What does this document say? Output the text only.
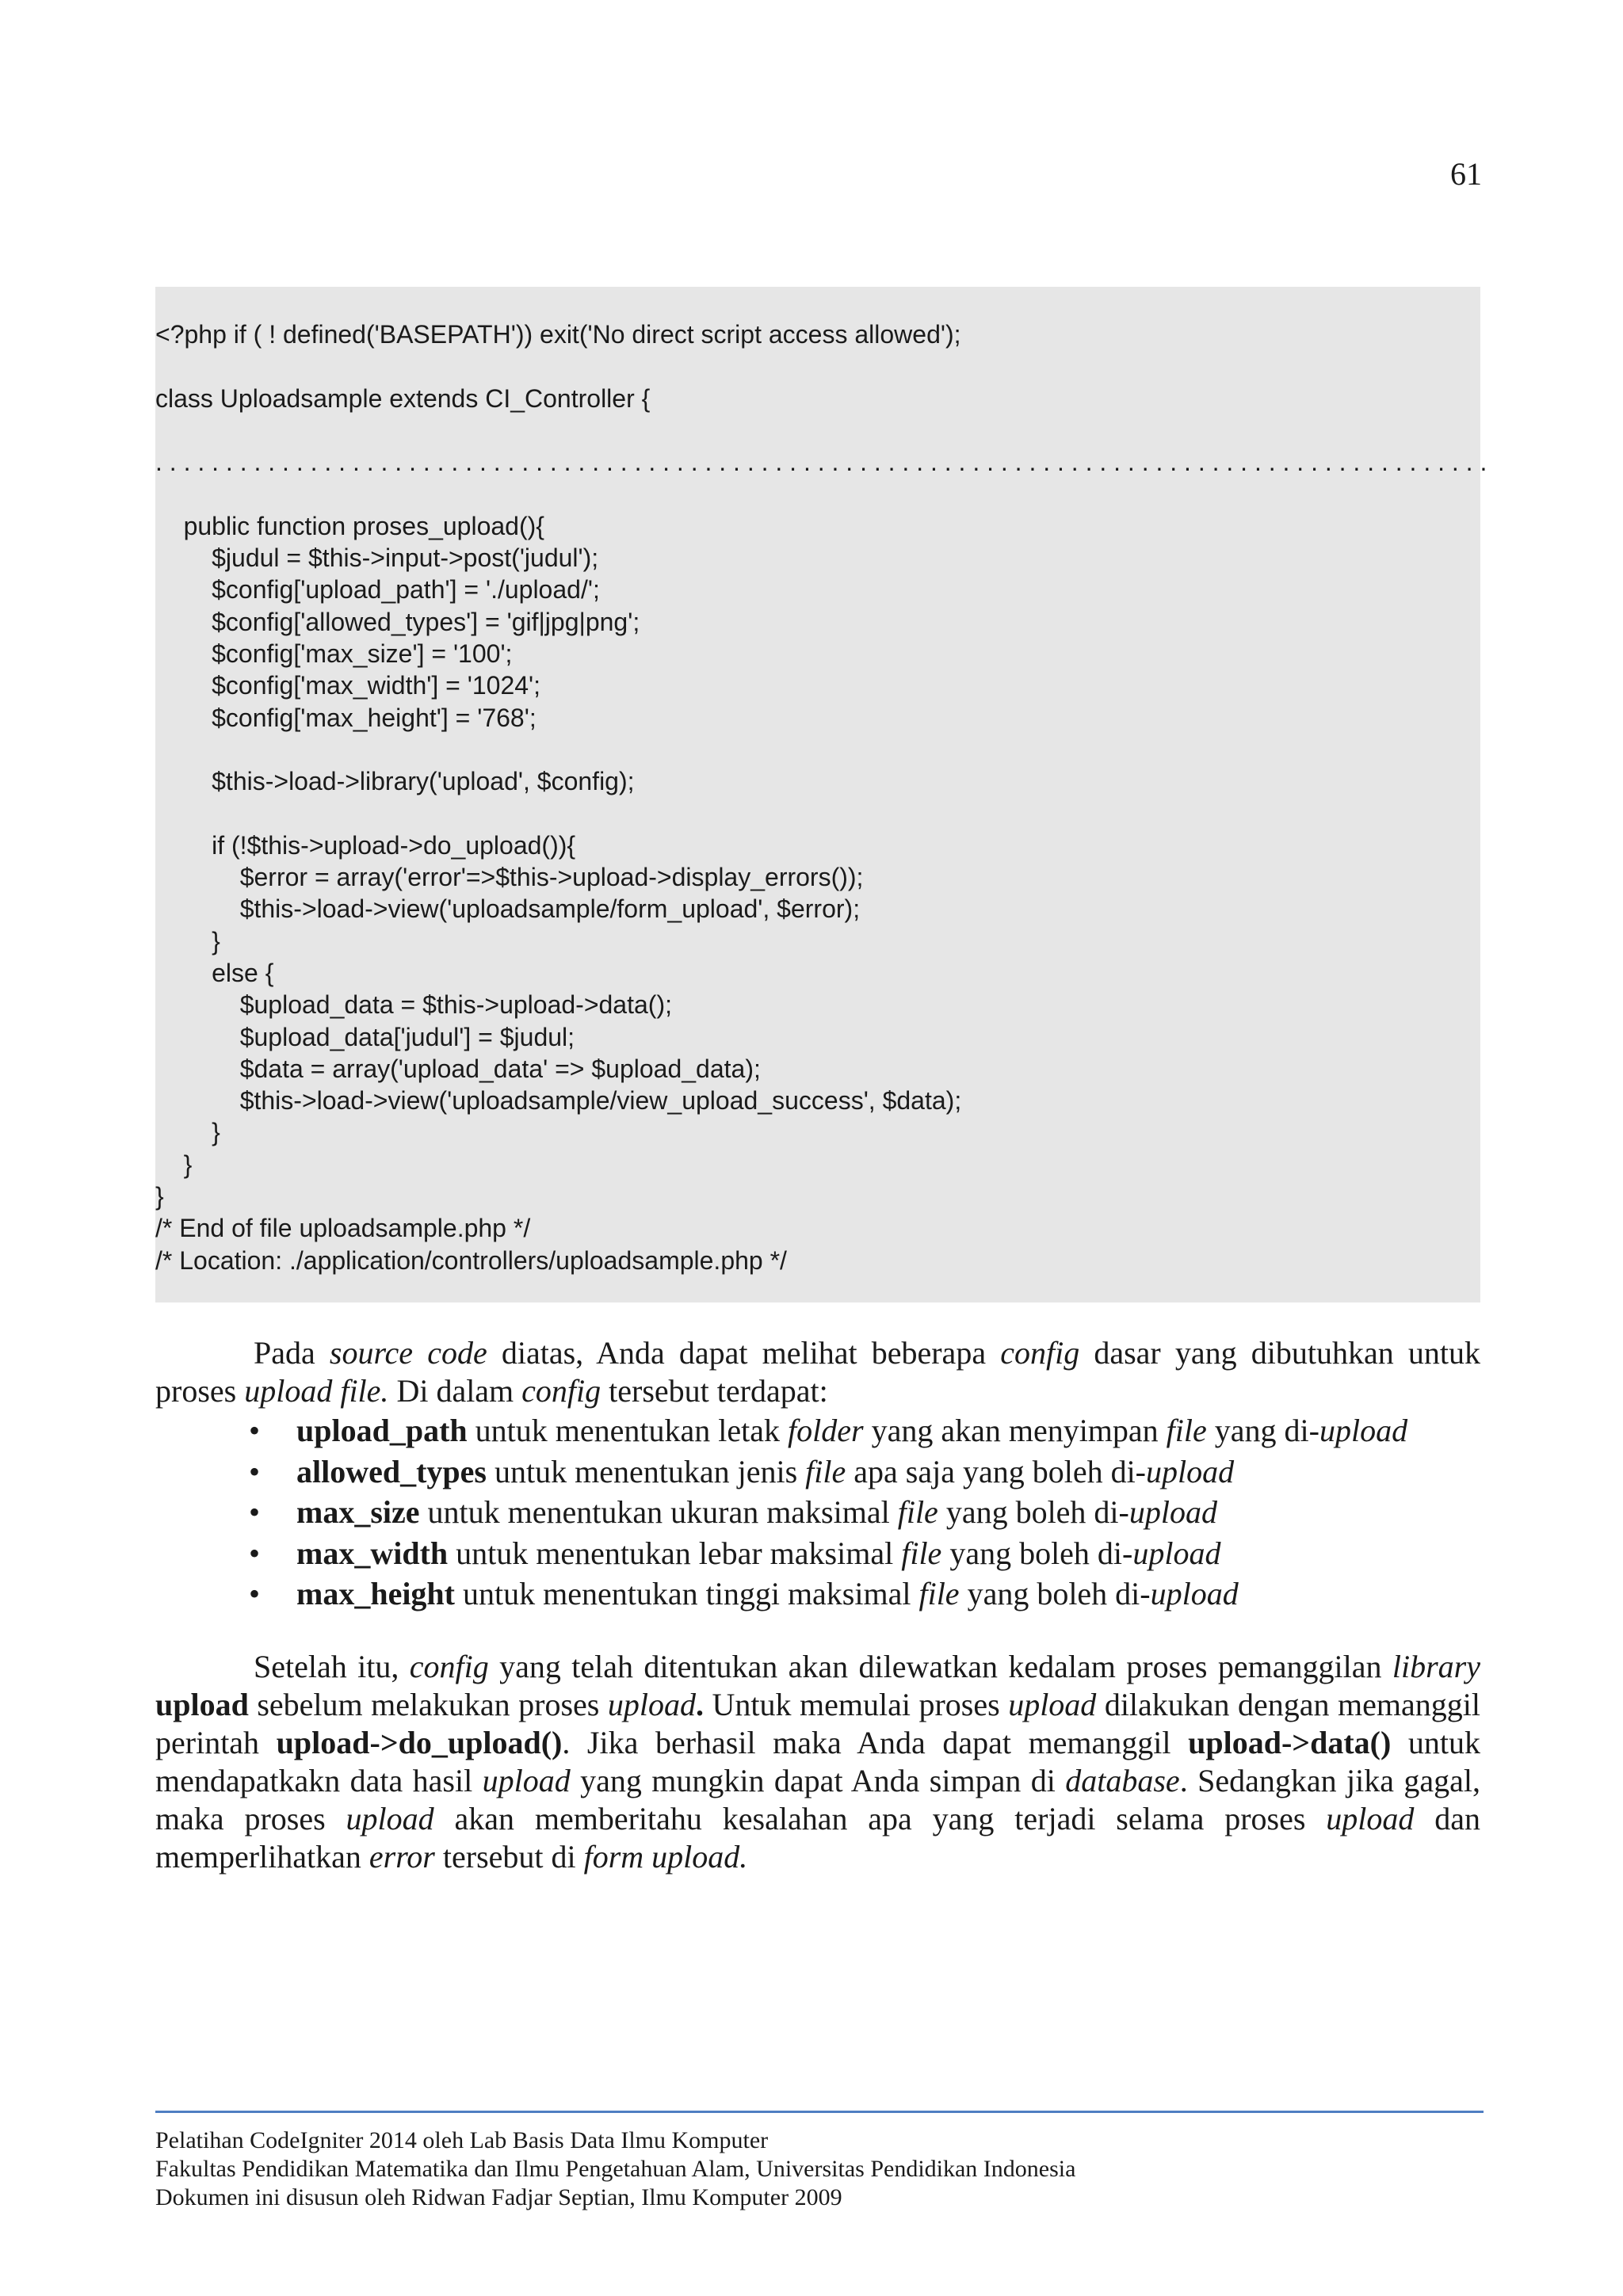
61
<?php if ( ! defined('BASEPATH')) exit('No direct script access allowed');
class Uploadsample extends CI_Controller {
. . . . . . . . . . . . . . . . . . . . . . . . . . . . . . . . . . . . . . . . . . . . . . . . . . . . . . . . . . . . . . . . . . . . . . . . . . . . . . . . . . . . . . . . . . . . . . .
public function proses_upload(){
$judul = $this->input->post('judul');
$config['upload_path'] = './upload/';
$config['allowed_types'] = 'gif|jpg|png';
$config['max_size'] = '100';
$config['max_width'] = '1024';
$config['max_height'] = '768';
$this->load->library('upload', $config);
if (!$this->upload->do_upload()){
$error = array('error'=>$this->upload->display_errors());
$this->load->view('uploadsample/form_upload', $error);
}
else {
$upload_data = $this->upload->data();
$upload_data['judul'] = $judul;
$data = array('upload_data' => $upload_data);
$this->load->view('uploadsample/view_upload_success', $data);
}
}
}
/* End of file uploadsample.php */
/* Location: ./application/controllers/uploadsample.php */
Pada source code diatas, Anda dapat melihat beberapa config dasar yang dibutuhkan untuk proses upload file. Di dalam config tersebut terdapat:
• upload_path untuk menentukan letak folder yang akan menyimpan file yang di-upload
• allowed_types untuk menentukan jenis file apa saja yang boleh di-upload
• max_size untuk menentukan ukuran maksimal file yang boleh di-upload
• max_width untuk menentukan lebar maksimal file yang boleh di-upload
• max_height untuk menentukan tinggi maksimal file yang boleh di-upload
Setelah itu, config yang telah ditentukan akan dilewatkan kedalam proses pemanggilan library upload sebelum melakukan proses upload. Untuk memulai proses upload dilakukan dengan memanggil perintah upload->do_upload(). Jika berhasil maka Anda dapat memanggil upload->data() untuk mendapatkakn data hasil upload yang mungkin dapat Anda simpan di database. Sedangkan jika gagal, maka proses upload akan memberitahu kesalahan apa yang terjadi selama proses upload dan memperlihatkan error tersebut di form upload.
Pelatihan CodeIgniter 2014 oleh Lab Basis Data Ilmu Komputer
Fakultas Pendidikan Matematika dan Ilmu Pengetahuan Alam, Universitas Pendidikan Indonesia
Dokumen ini disusun oleh Ridwan Fadjar Septian, Ilmu Komputer 2009
